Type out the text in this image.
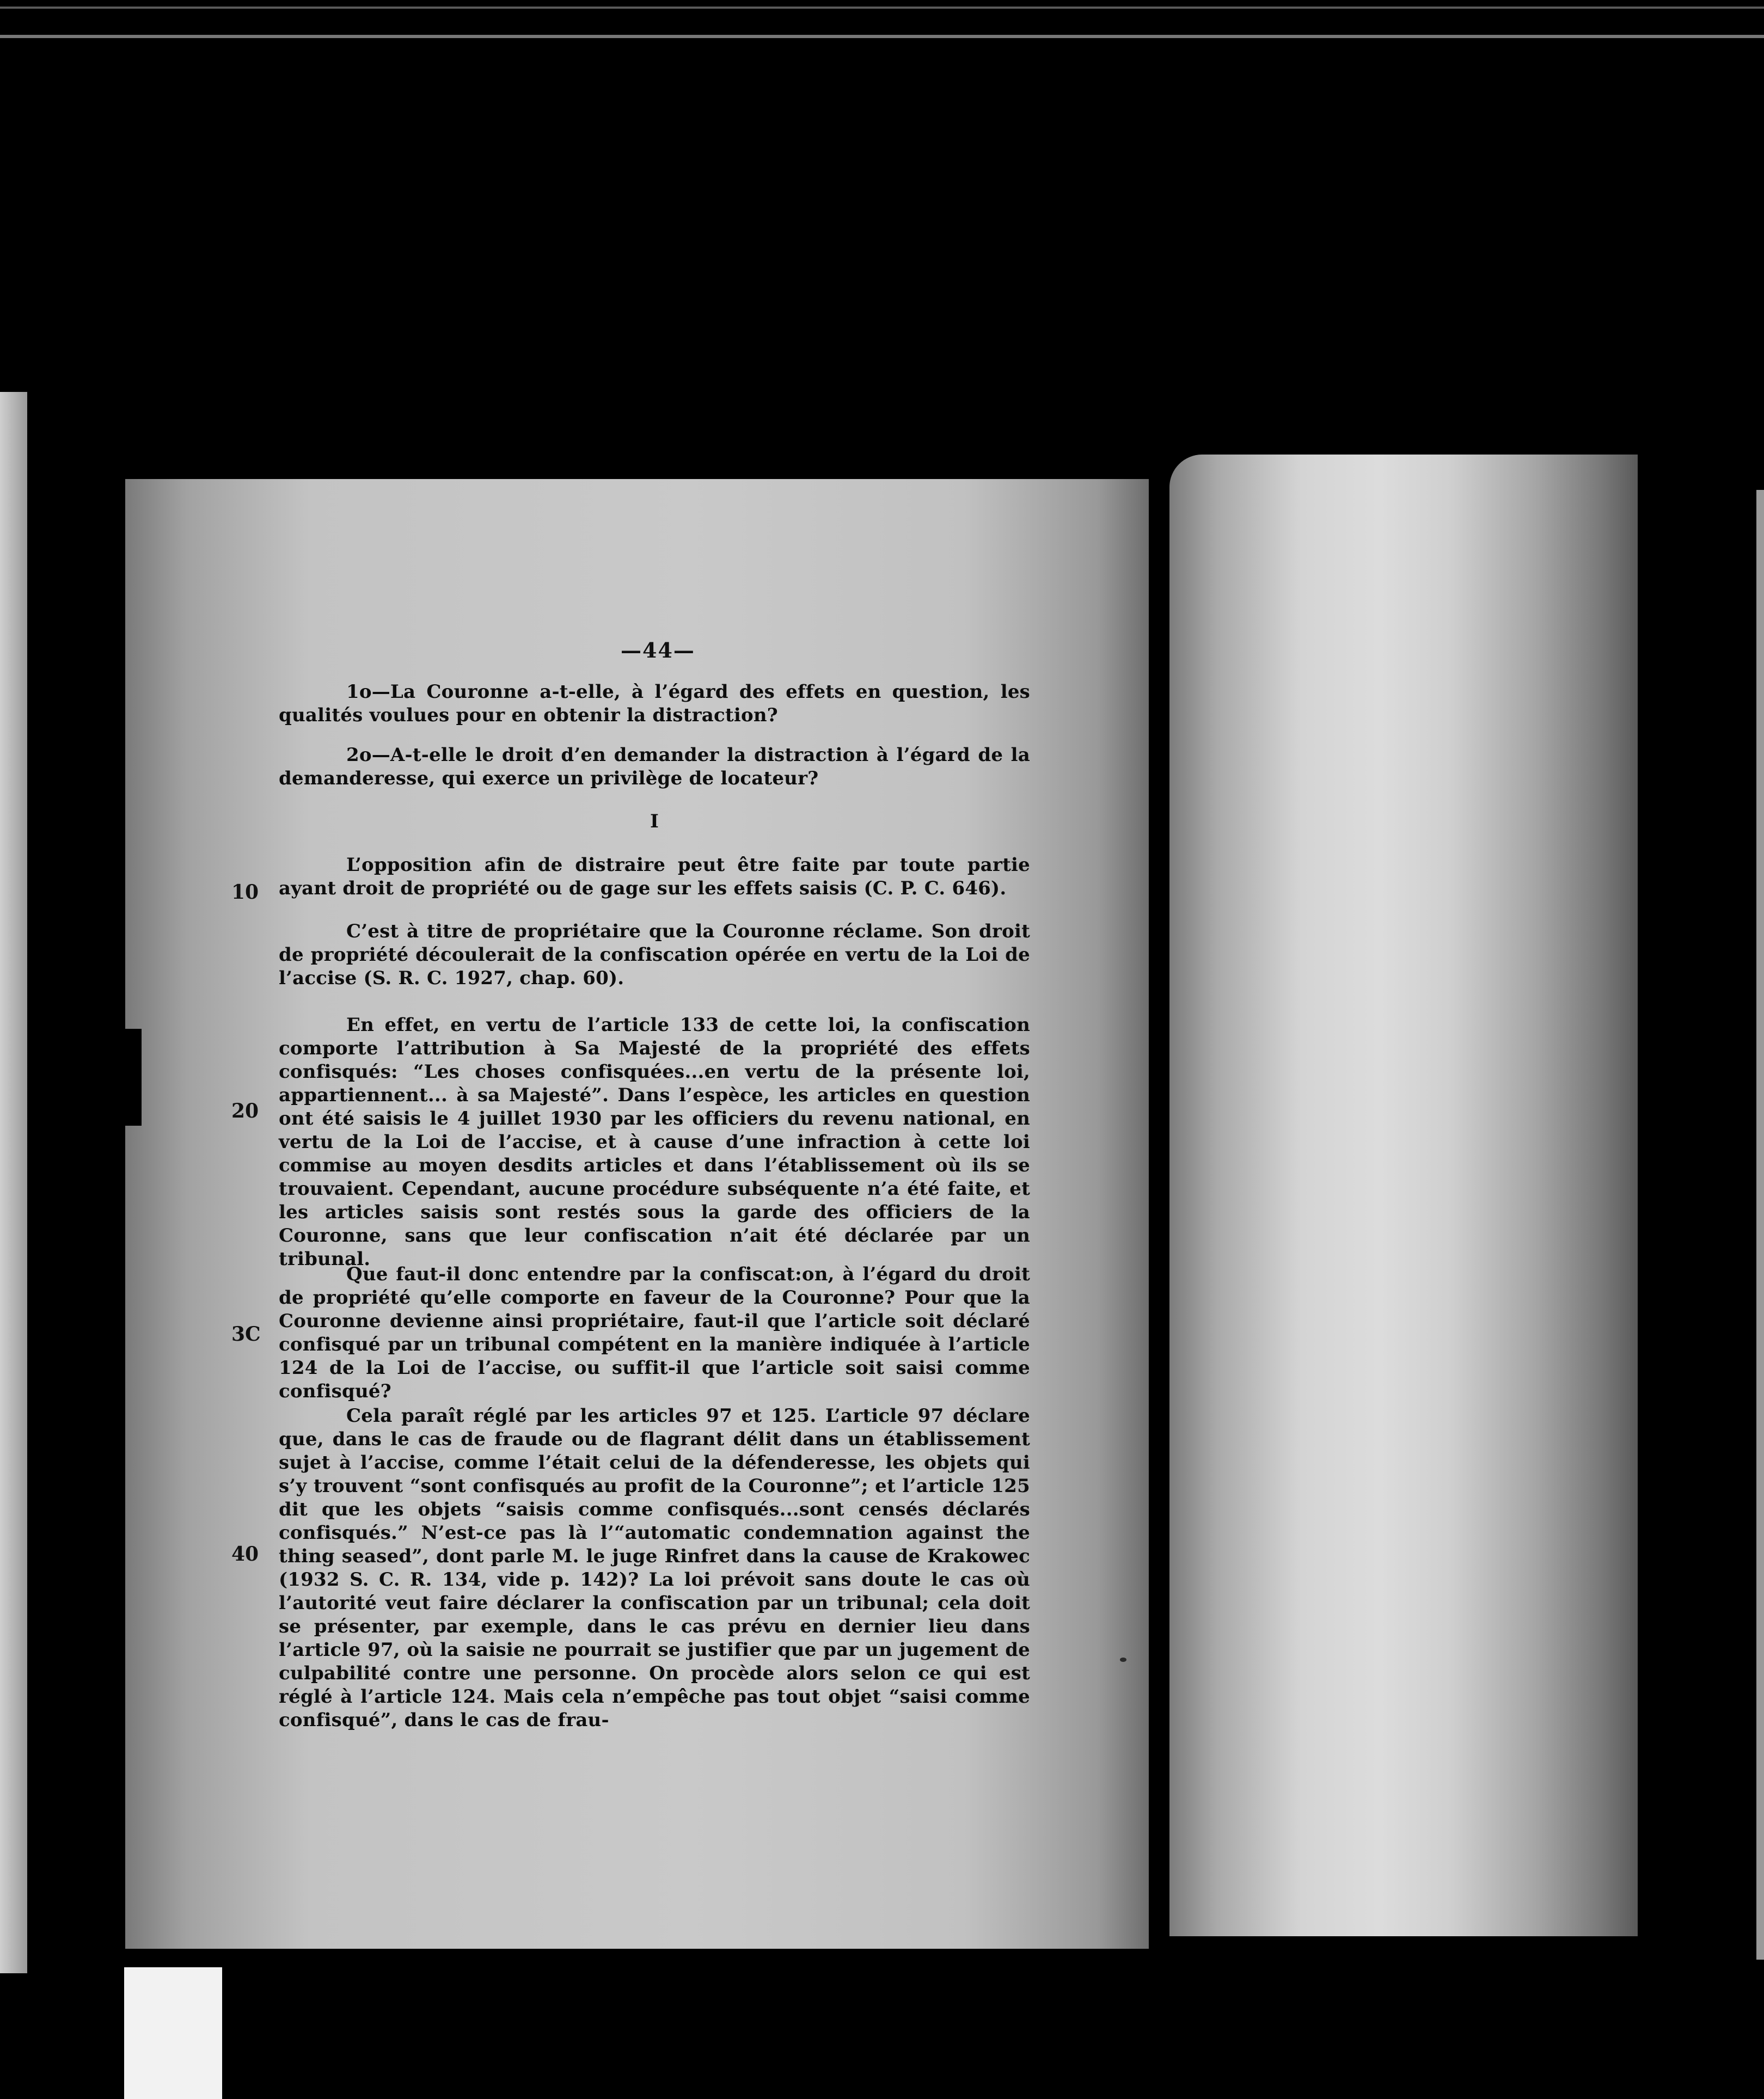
—44—

1o—La Couronne a-t-elle, à l’égard des effets en question, les qualités voulues pour en obtenir la distraction?

2o—A-t-elle le droit d’en demander la distraction à l’égard de la demanderesse, qui exerce un privilège de locateur?

I

L’opposition afin de distraire peut être faite par toute partie ayant droit de propriété ou de gage sur les effets saisis (C. P. C. 646).

C’est à titre de propriétaire que la Couronne réclame. Son droit de propriété découlerait de la confiscation opérée en vertu de la Loi de l’accise (S. R. C. 1927, chap. 60).

En effet, en vertu de l’article 133 de cette loi, la confiscation comporte l’attribution à Sa Majesté de la propriété des effets confisqués: “Les choses confisquées...en vertu de la présente loi, appartiennent... à sa Majesté”. Dans l’espèce, les articles en question ont été saisis le 4 juillet 1930 par les officiers du revenu national, en vertu de la Loi de l’accise, et à cause d’une infraction à cette loi commise au moyen desdits articles et dans l’établissement où ils se trouvaient. Cependant, aucune procédure subséquente n’a été faite, et les articles saisis sont restés sous la garde des officiers de la Couronne, sans que leur confiscation n’ait été déclarée par un tribunal.

Que faut-il donc entendre par la confiscat:on, à l’égard du droit de propriété qu’elle comporte en faveur de la Couronne? Pour que la Couronne devienne ainsi propriétaire, faut-il que l’article soit déclaré confisqué par un tribunal compétent en la manière indiquée à l’article 124 de la Loi de l’accise, ou suffit-il que l’article soit saisi comme confisqué?

Cela paraît réglé par les articles 97 et 125. L’article 97 déclare que, dans le cas de fraude ou de flagrant délit dans un établissement sujet à l’accise, comme l’était celui de la défenderesse, les objets qui s’y trouvent “sont confisqués au profit de la Couronne”; et l’article 125 dit que les objets “saisis comme confisqués...sont censés déclarés confisqués.” N’est-ce pas là l’“automatic condemnation against the thing seased”, dont parle M. le juge Rinfret dans la cause de Krakowec (1932 S. C. R. 134, vide p. 142)? La loi prévoit sans doute le cas où l’autorité veut faire déclarer la confiscation par un tribunal; cela doit se présenter, par exemple, dans le cas prévu en dernier lieu dans l’article 97, où la saisie ne pourrait se justifier que par un jugement de culpabilité contre une personne. On procède alors selon ce qui est réglé à l’article 124. Mais cela n’empêche pas tout objet “saisi comme confisqué”, dans le cas de frau-

10
20
3C
40
